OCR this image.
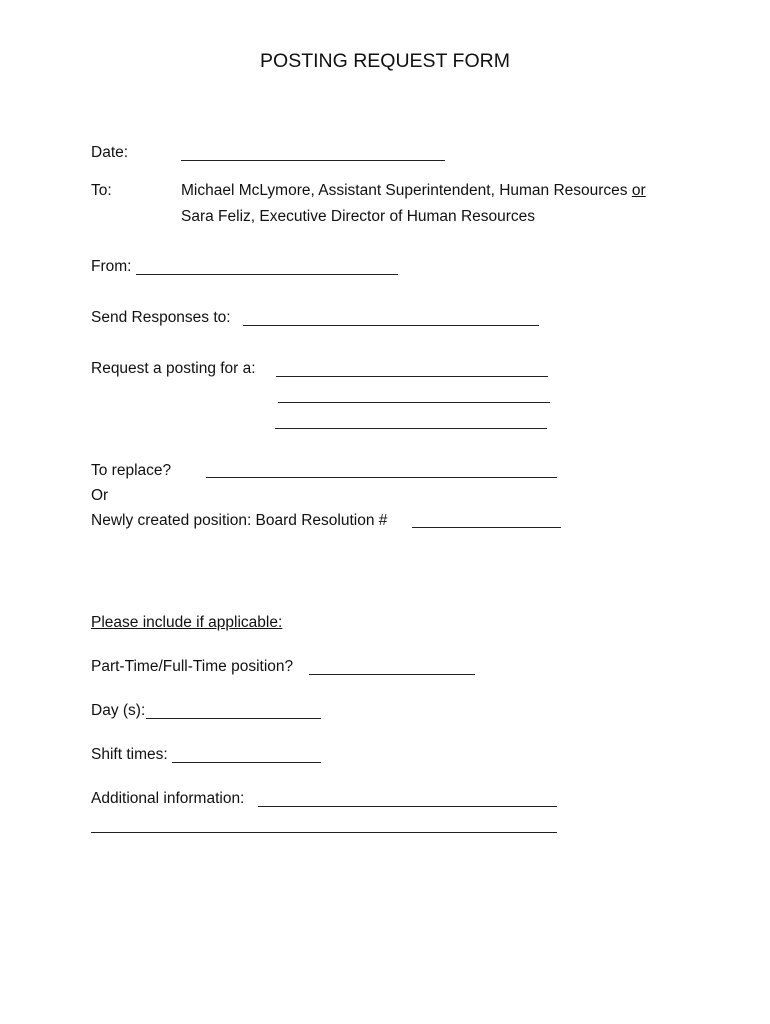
POSTING REQUEST FORM
Date:
To:	Michael McLymore, Assistant Superintendent, Human Resources or
Sara Feliz, Executive Director of Human Resources
From:
Send Responses to:
Request a posting for a:
To replace?
Or
Newly created position: Board Resolution #
Please include if applicable:
Part-Time/Full-Time position?
Day (s):
Shift times:
Additional information:
